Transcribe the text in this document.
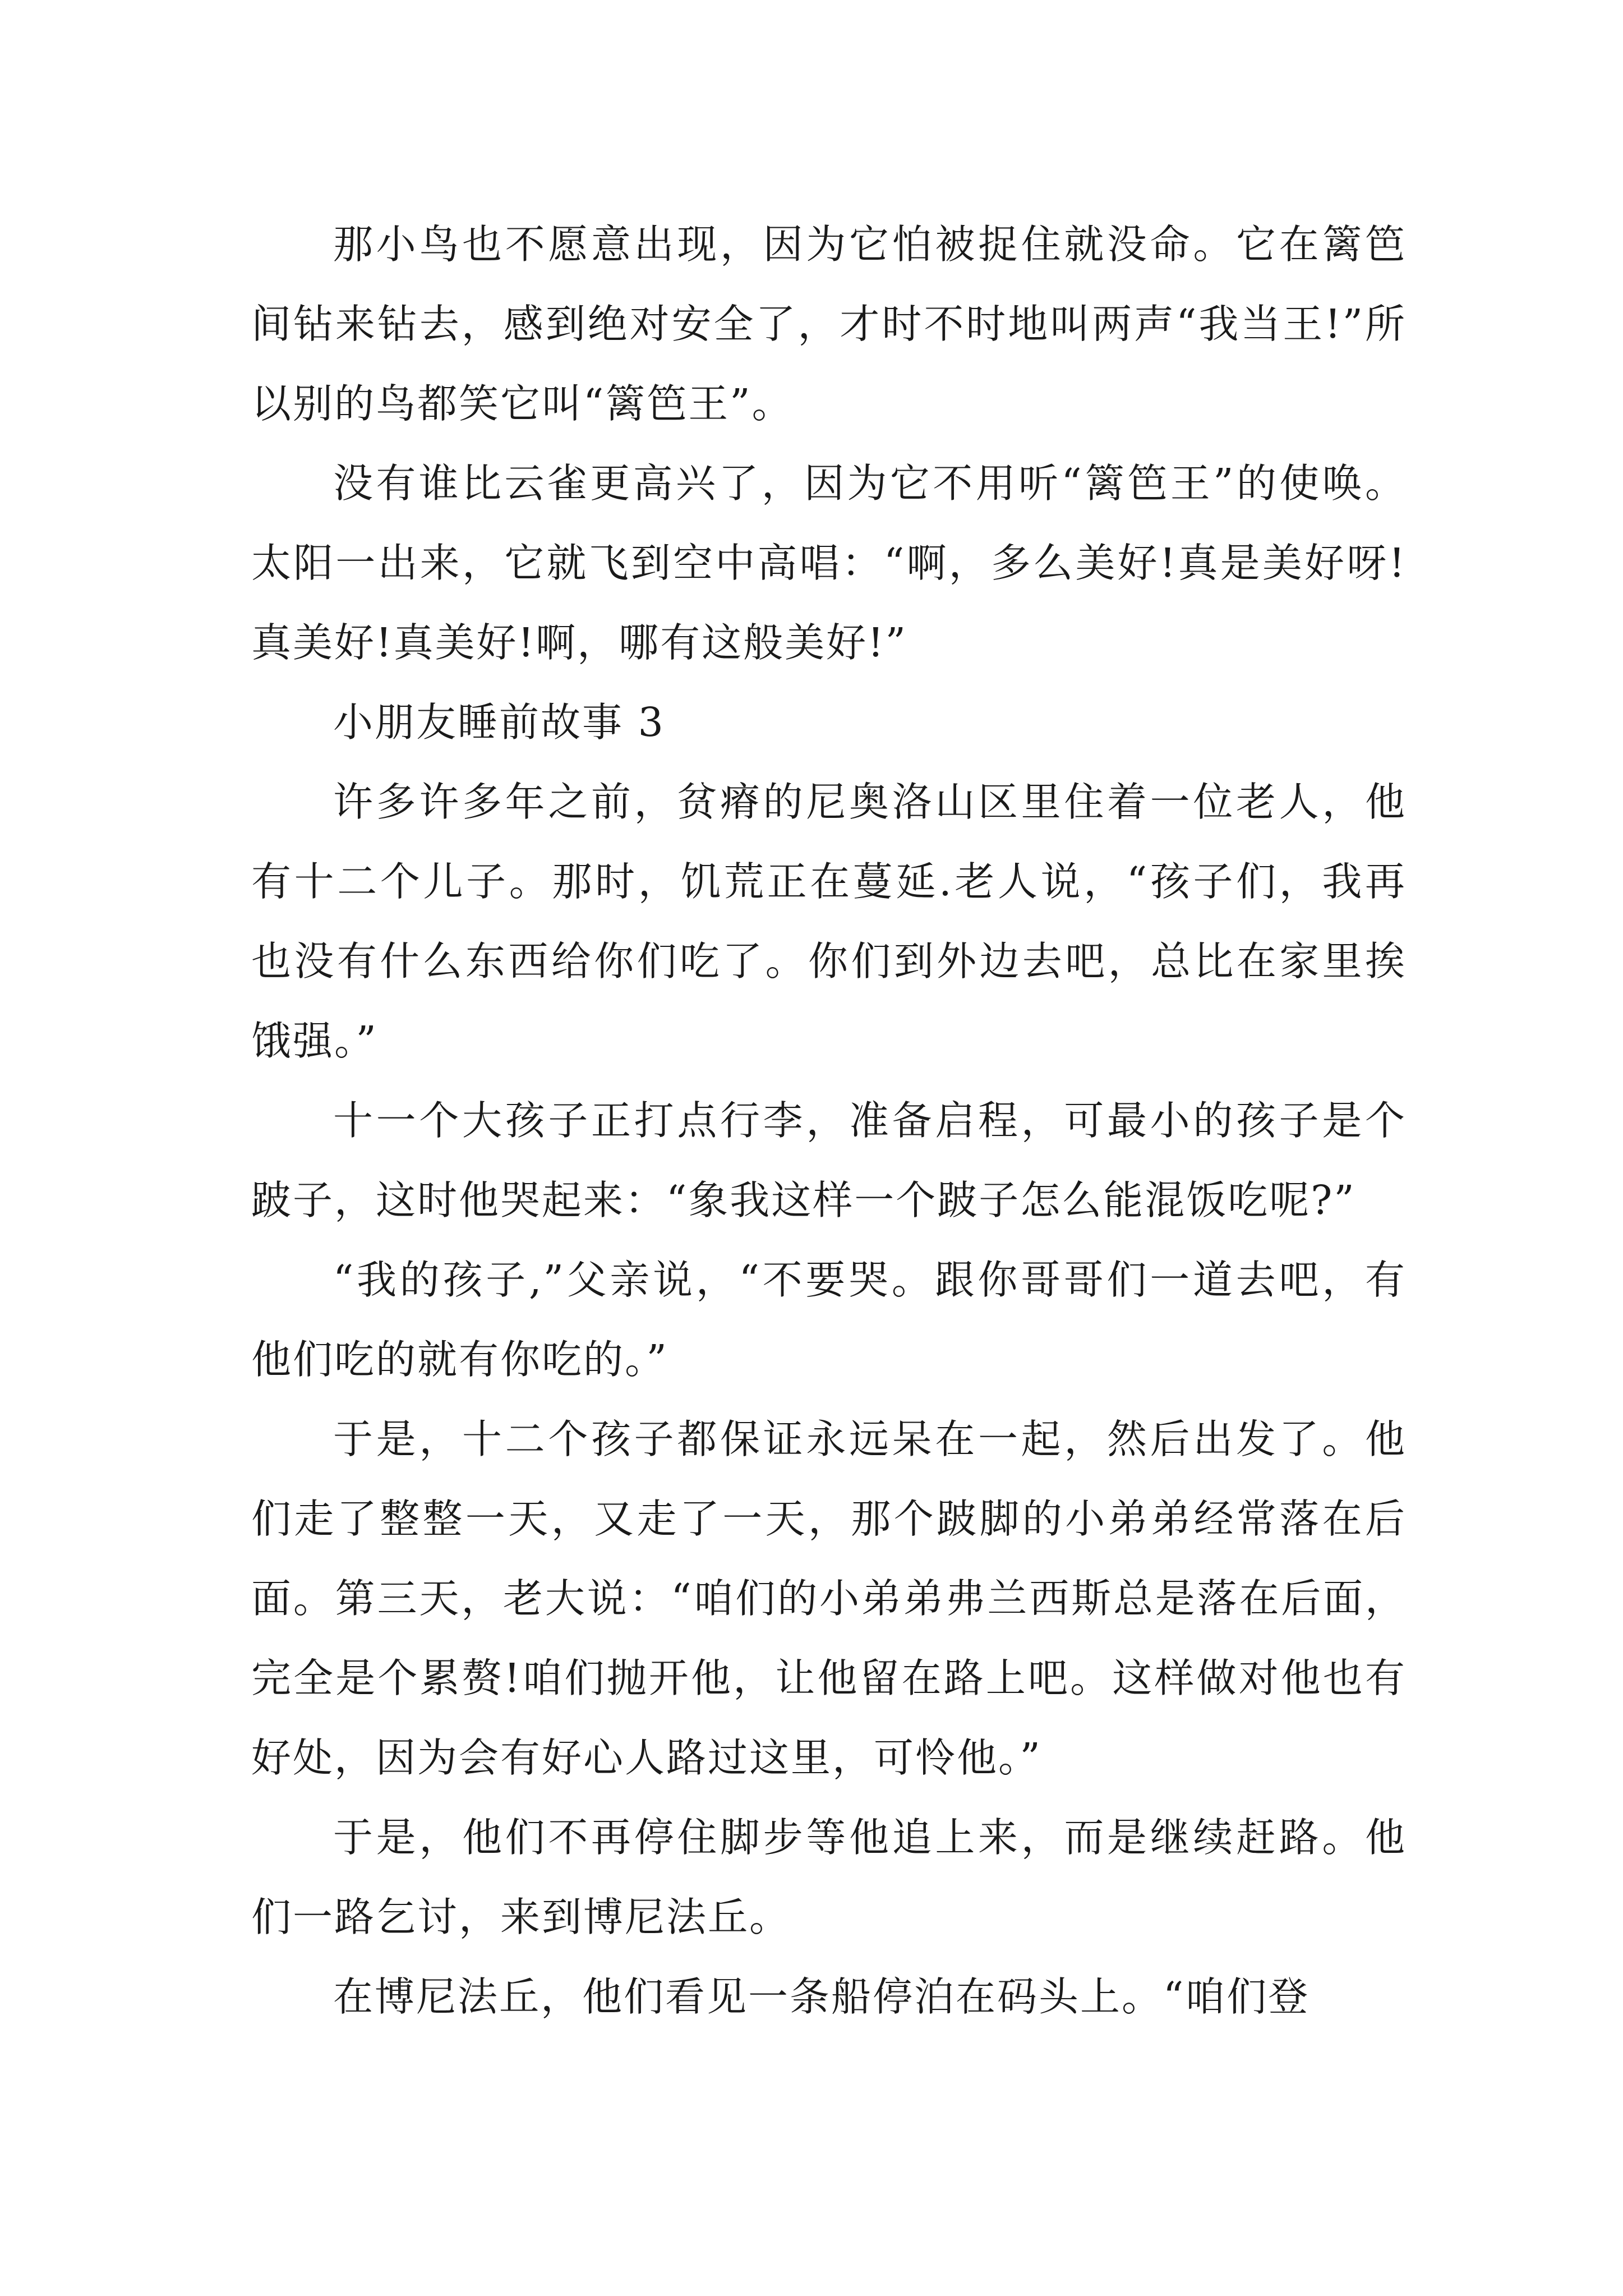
那小鸟也不愿意出现，因为它怕被捉住就没命。它在篱笆间钻来钻去，感到绝对安全了，才时不时地叫两声“我当王!”所以别的鸟都笑它叫“篱笆王”。

没有谁比云雀更高兴了，因为它不用听“篱笆王”的使唤。太阳一出来，它就飞到空中高唱：“啊，多么美好!真是美好呀!真美好!真美好!啊，哪有这般美好!”

小朋友睡前故事 3

许多许多年之前，贫瘠的尼奥洛山区里住着一位老人，他有十二个儿子。那时，饥荒正在蔓延.老人说，“孩子们，我再也没有什么东西给你们吃了。你们到外边去吧，总比在家里挨饿强。”

十一个大孩子正打点行李，准备启程，可最小的孩子是个跛子，这时他哭起来：“象我这样一个跛子怎么能混饭吃呢?”

“我的孩子,”父亲说，“不要哭。跟你哥哥们一道去吧，有他们吃的就有你吃的。”

于是，十二个孩子都保证永远呆在一起，然后出发了。他们走了整整一天，又走了一天，那个跛脚的小弟弟经常落在后面。第三天，老大说：“咱们的小弟弟弗兰西斯总是落在后面，完全是个累赘!咱们抛开他，让他留在路上吧。这样做对他也有好处，因为会有好心人路过这里，可怜他。”

于是，他们不再停住脚步等他追上来，而是继续赶路。他们一路乞讨，来到博尼法丘。

在博尼法丘，他们看见一条船停泊在码头上。“咱们登
